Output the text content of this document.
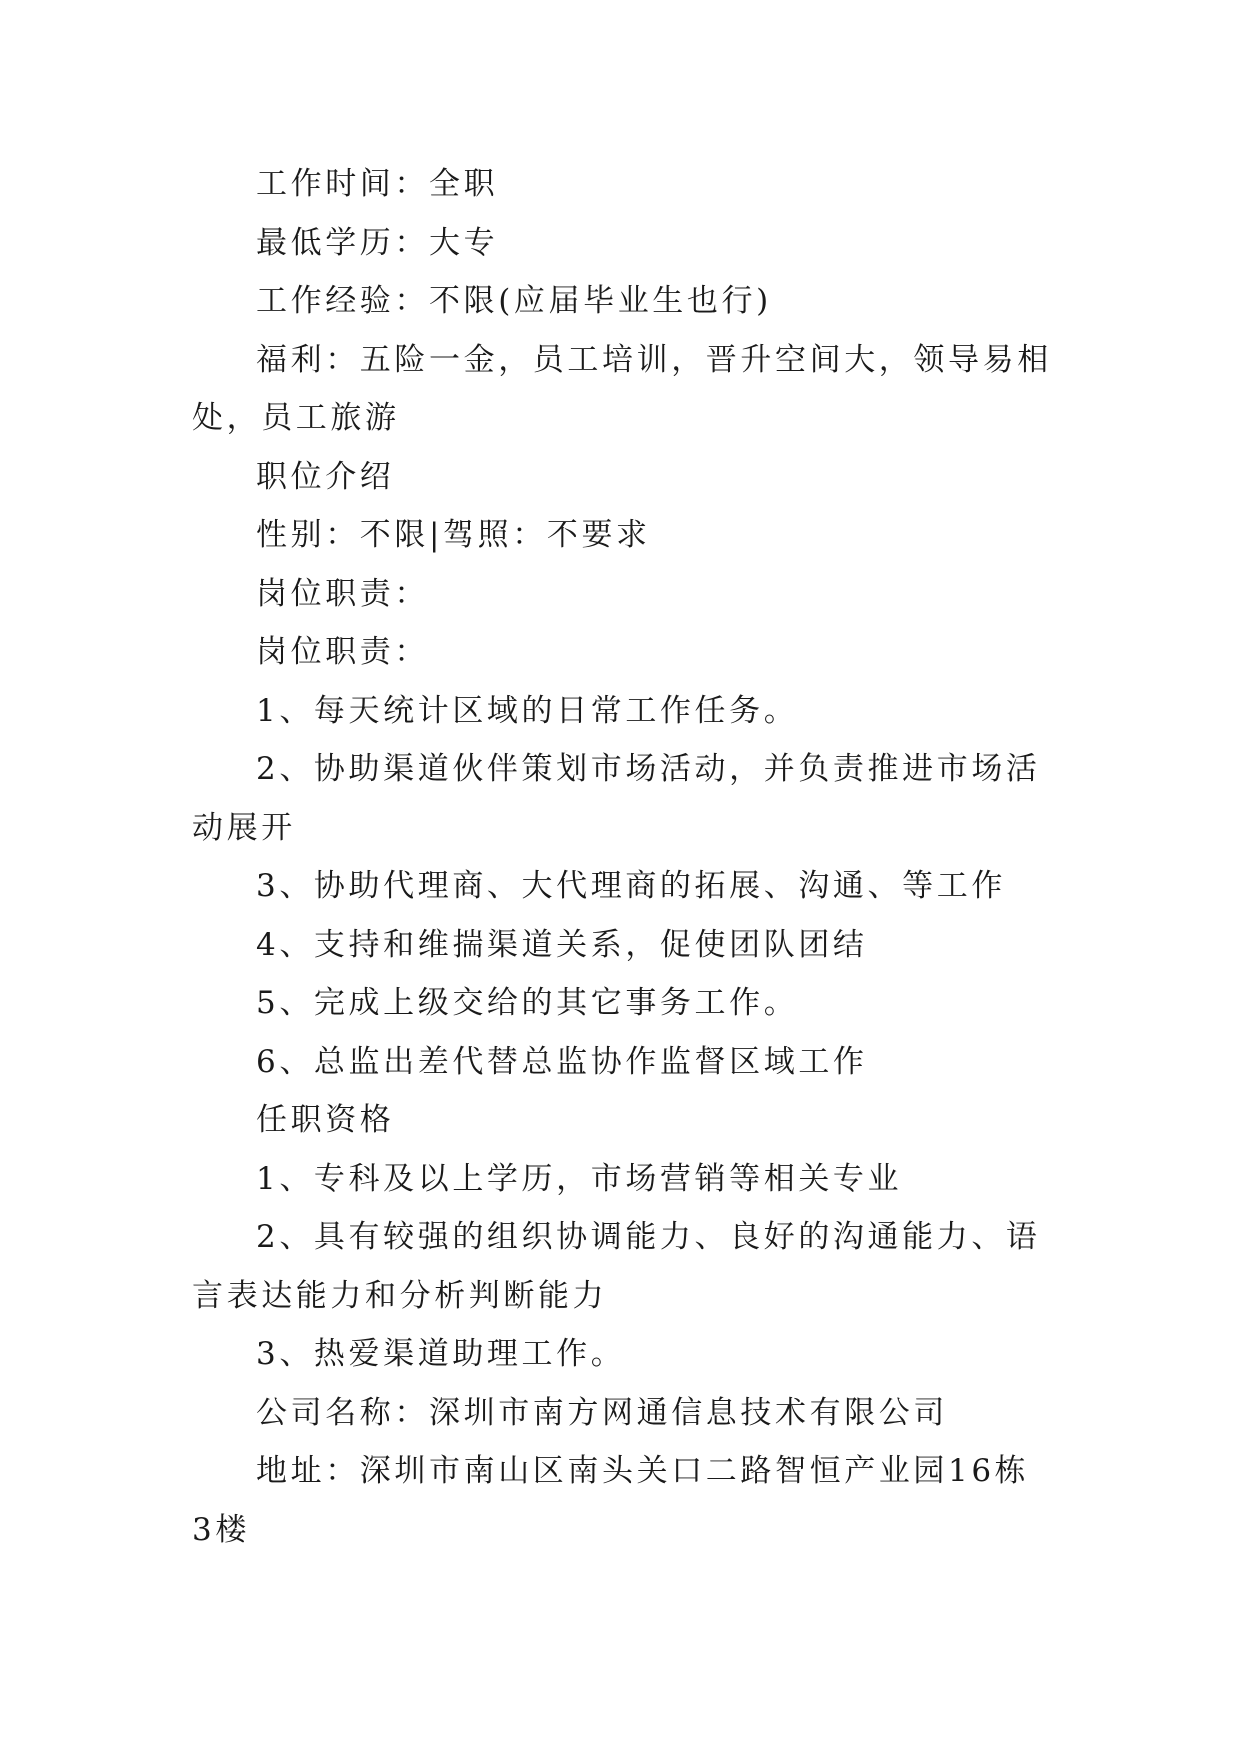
工作时间：全职

最低学历：大专

工作经验：不限(应届毕业生也行)

福利：五险一金，员工培训，晋升空间大，领导易相处，员工旅游

职位介绍

性别：不限|驾照：不要求

岗位职责：

岗位职责：

1、每天统计区域的日常工作任务。

2、协助渠道伙伴策划市场活动，并负责推进市场活动展开

3、协助代理商、大代理商的拓展、沟通、等工作

4、支持和维揣渠道关系，促使团队团结

5、完成上级交给的其它事务工作。

6、总监出差代替总监协作监督区域工作

任职资格

1、专科及以上学历，市场营销等相关专业

2、具有较强的组织协调能力、良好的沟通能力、语言表达能力和分析判断能力

3、热爱渠道助理工作。

公司名称：深圳市南方网通信息技术有限公司

地址：深圳市南山区南头关口二路智恒产业园16栋3楼
